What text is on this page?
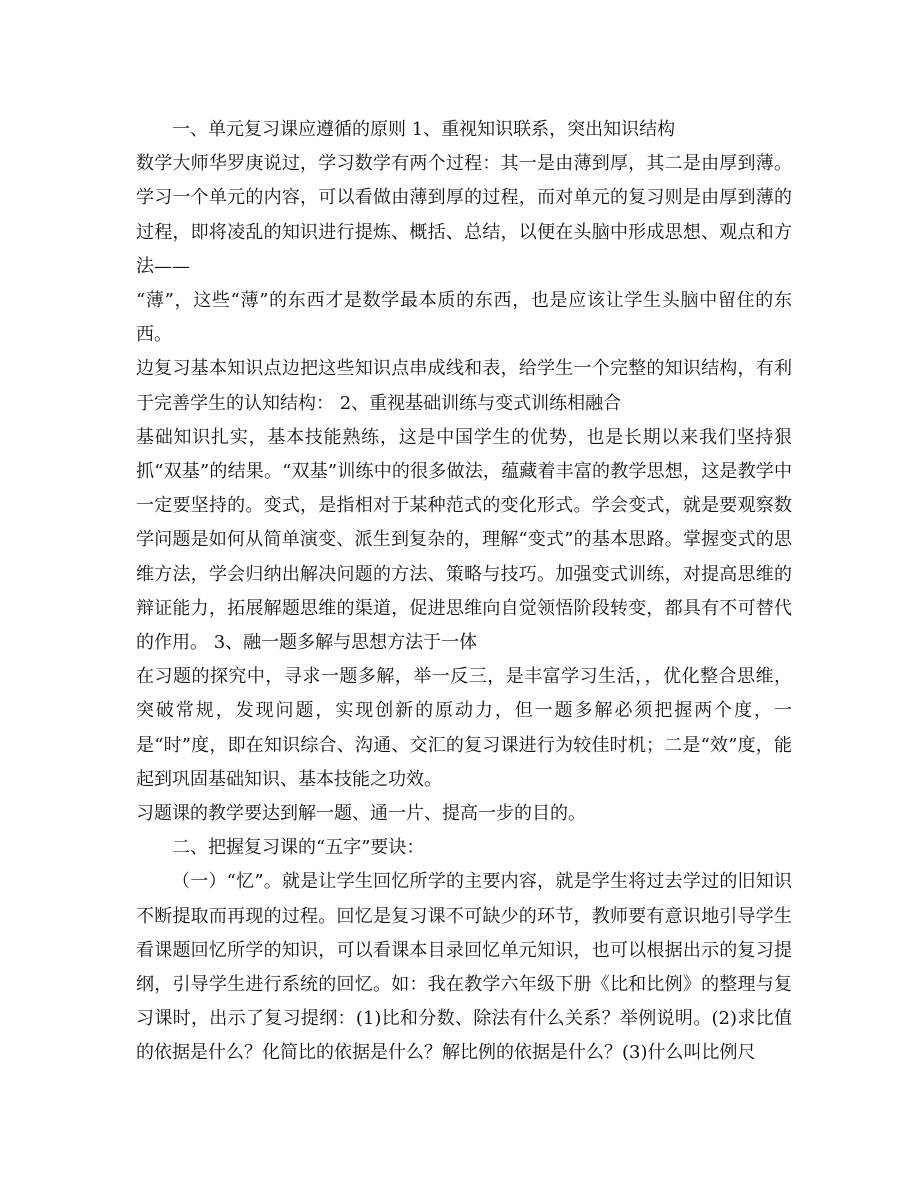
一、单元复习课应遵循的原则 1、重视知识联系，突出知识结构

数学大师华罗庚说过，学习数学有两个过程：其一是由薄到厚，其二是由厚到薄。学习一个单元的内容，可以看做由薄到厚的过程，而对单元的复习则是由厚到薄的过程，即将凌乱的知识进行提炼、概括、总结，以便在头脑中形成思想、观点和方法——

“薄”，这些“薄”的东西才是数学最本质的东西，也是应该让学生头脑中留住的东西。

边复习基本知识点边把这些知识点串成线和表，给学生一个完整的知识结构，有利于完善学生的认知结构： 2、重视基础训练与变式训练相融合

基础知识扎实，基本技能熟练，这是中国学生的优势，也是长期以来我们坚持狠抓“双基”的结果。“双基”训练中的很多做法，蕴藏着丰富的教学思想，这是教学中一定要坚持的。变式，是指相对于某种范式的变化形式。学会变式，就是要观察数学问题是如何从简单演变、派生到复杂的，理解“变式”的基本思路。掌握变式的思维方法，学会归纳出解决问题的方法、策略与技巧。加强变式训练，对提高思维的辩证能力，拓展解题思维的渠道，促进思维向自觉领悟阶段转变，都具有不可替代的作用。 3、融一题多解与思想方法于一体

在习题的探究中，寻求一题多解，举一反三，是丰富学习生活，，优化整合思维，突破常规，发现问题，实现创新的原动力，但一题多解必须把握两个度，一是“时”度，即在知识综合、沟通、交汇的复习课进行为较佳时机；二是“效”度，能起到巩固基础知识、基本技能之功效。

习题课的教学要达到解一题、通一片、提高一步的目的。

二、把握复习课的“五字”要诀：

（一）“忆”。就是让学生回忆所学的主要内容，就是学生将过去学过的旧知识不断提取而再现的过程。回忆是复习课不可缺少的环节，教师要有意识地引导学生看课题回忆所学的知识，可以看课本目录回忆单元知识，也可以根据出示的复习提纲，引导学生进行系统的回忆。如：我在教学六年级下册《比和比例》的整理与复习课时，出示了复习提纲：(1)比和分数、除法有什么关系？举例说明。(2)求比值的依据是什么？化简比的依据是什么？解比例的依据是什么？(3)什么叫比例尺
